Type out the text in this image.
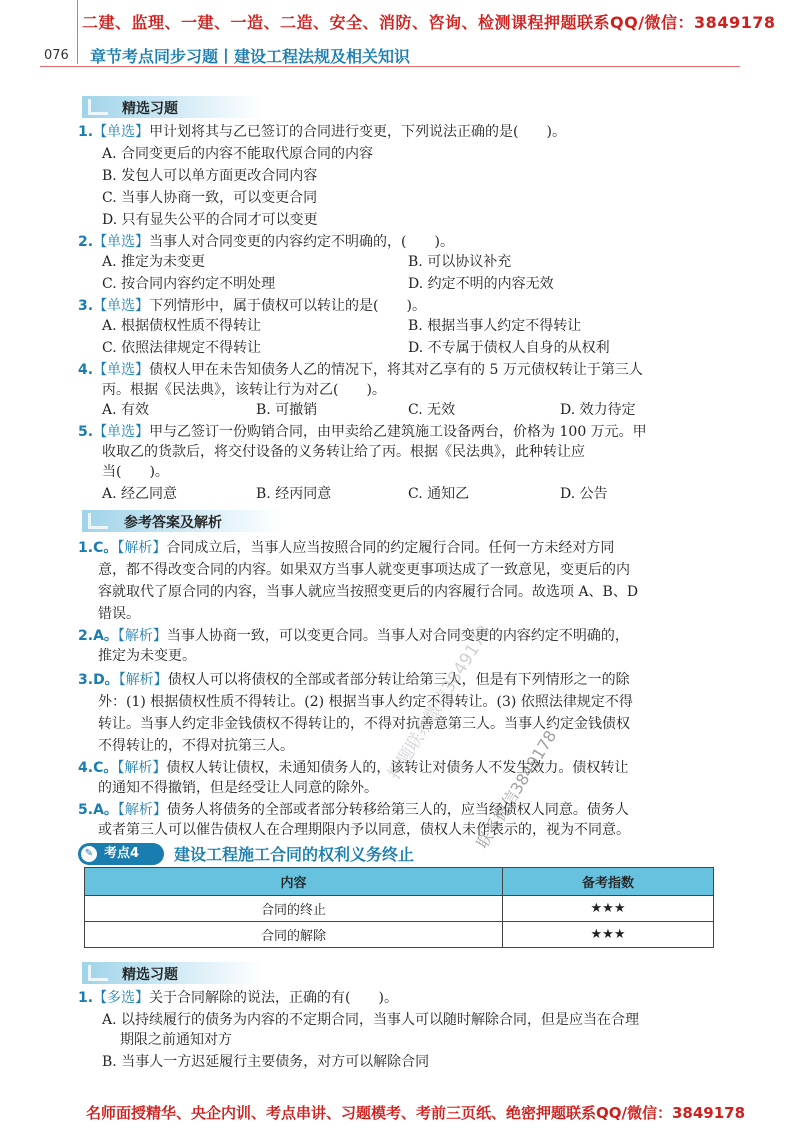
二建、监理、一建、一造、二造、安全、消防、咨询、检测课程押题联系QQ/微信：3849178
076 章节考点同步习题丨建设工程法规及相关知识
精选习题
1.【单选】甲计划将其与乙已签订的合同进行变更，下列说法正确的是(　　)。
A. 合同变更后的内容不能取代原合同的内容
B. 发包人可以单方面更改合同内容
C. 当事人协商一致，可以变更合同
D. 只有显失公平的合同才可以变更
2.【单选】当事人对合同变更的内容约定不明确的，(　　)。
A. 推定为未变更	B. 可以协议补充
C. 按合同内容约定不明处理	D. 约定不明的内容无效
3.【单选】下列情形中，属于债权可以转让的是(　　)。
A. 根据债权性质不得转让	B. 根据当事人约定不得转让
C. 依照法律规定不得转让	D. 不专属于债权人自身的从权利
4.【单选】债权人甲在未告知债务人乙的情况下，将其对乙享有的 5 万元债权转让于第三人
丙。根据《民法典》，该转让行为对乙(　　)。
A. 有效	B. 可撤销	C. 无效	D. 效力待定
5.【单选】甲与乙签订一份购销合同，由甲卖给乙建筑施工设备两台，价格为 100 万元。甲
收取乙的货款后，将交付设备的义务转让给了丙。根据《民法典》，此种转让应
当(　　)。
A. 经乙同意	B. 经丙同意	C. 通知乙	D. 公告
参考答案及解析
1.C。【解析】合同成立后，当事人应当按照合同的约定履行合同。任何一方未经对方同
意，都不得改变合同的内容。如果双方当事人就变更事项达成了一致意见，变更后的内
容就取代了原合同的内容，当事人就应当按照变更后的内容履行合同。故选项 A、B、D
错误。
2.A。【解析】当事人协商一致，可以变更合同。当事人对合同变更的内容约定不明确的，
推定为未变更。
3.D。【解析】债权人可以将债权的全部或者部分转让给第三人，但是有下列情形之一的除
外：(1) 根据债权性质不得转让。(2) 根据当事人约定不得转让。(3) 依照法律规定不得
转让。当事人约定非金钱债权不得转让的，不得对抗善意第三人。当事人约定金钱债权
不得转让的，不得对抗第三人。
4.C。【解析】债权人转让债权，未通知债务人的，该转让对债务人不发生效力。债权转让
的通知不得撤销，但是经受让人同意的除外。
5.A。【解析】债务人将债务的全部或者部分转移给第三人的，应当经债权人同意。债务人
或者第三人可以催告债权人在合理期限内予以同意，债权人未作表示的，视为不同意。
✎ 考点4	建设工程施工合同的权利义务终止
内容	备考指数
合同的终止	★★★
合同的解除	★★★
精选习题
1.【多选】关于合同解除的说法，正确的有(　　)。
A. 以持续履行的债务为内容的不定期合同，当事人可以随时解除合同，但是应当在合理
期限之前通知对方
B. 当事人一方迟延履行主要债务，对方可以解除合同
押题联系微信3849178
联系微信3849178
名师面授精华、央企内训、考点串讲、习题模考、考前三页纸、绝密押题联系QQ/微信：3849178
